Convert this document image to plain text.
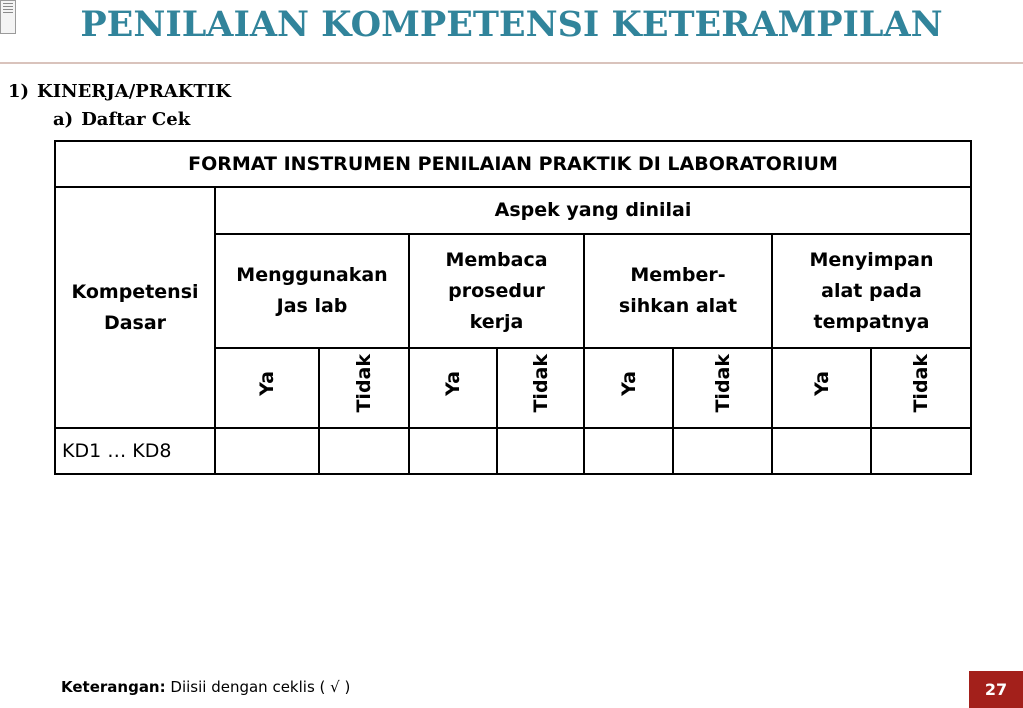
PENILAIAN KOMPETENSI KETERAMPILAN
1) KINERJA/PRAKTIK
a) Daftar Cek
FORMAT INSTRUMEN PENILAIAN PRAKTIK DI LABORATORIUM								
Kompetensi Dasar	Aspek yang dinilai							

	Menggunakan Jas lab		Membaca prosedur kerja		Member-sihkan alat		Menyimpan alat pada tempatnya	

	Ya	Tidak	Ya	Tidak	Ya	Tidak	Ya	Tidak
KD1 … KD8								
Keterangan: Diisii dengan ceklis ( √ )	27
